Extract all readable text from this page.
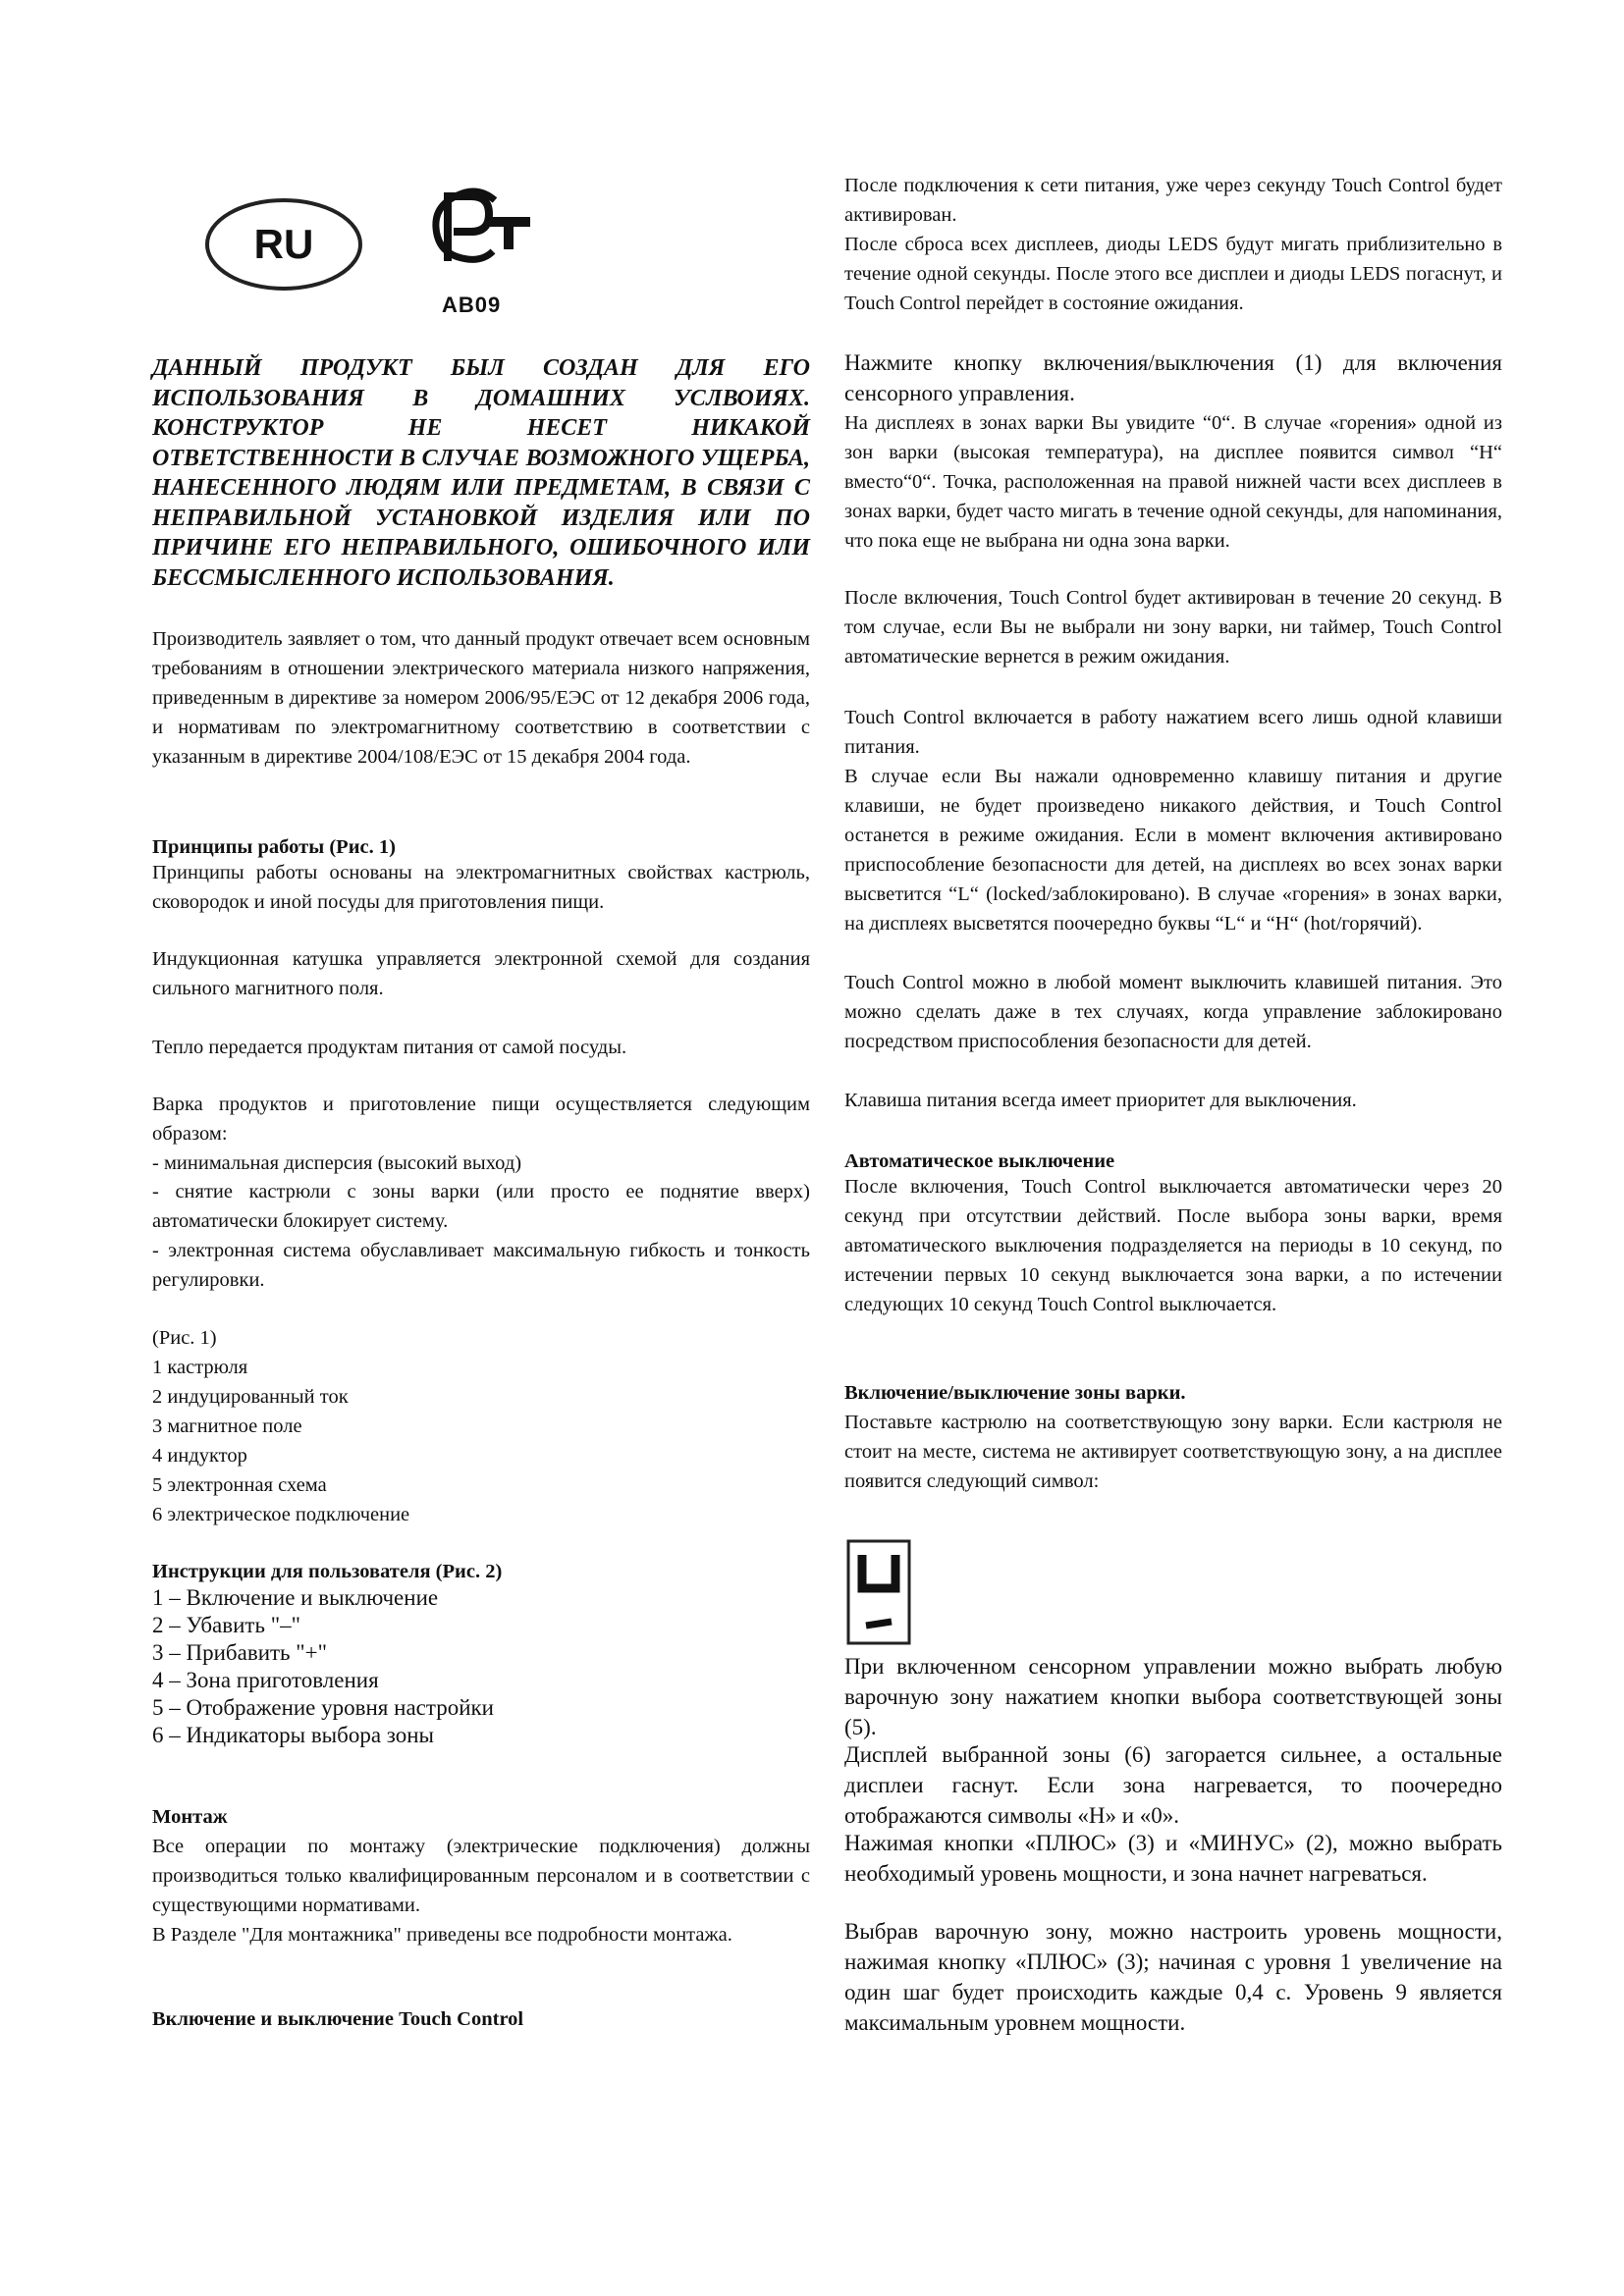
RU
AB09

ДАННЫЙ ПРОДУКТ БЫЛ СОЗДАН ДЛЯ ЕГО ИСПОЛЬЗОВАНИЯ В ДОМАШНИХ УСЛВОИЯХ. КОНСТРУКТОР НЕ НЕСЕТ НИКАКОЙ ОТВЕТСТВЕННОСТИ В СЛУЧАЕ ВОЗМОЖНОГО УЩЕРБА, НАНЕСЕННОГО ЛЮДЯМ ИЛИ ПРЕДМЕТАМ, В СВЯЗИ С НЕПРАВИЛЬНОЙ УСТАНОВКОЙ ИЗДЕЛИЯ ИЛИ ПО ПРИЧИНЕ ЕГО НЕПРАВИЛЬНОГО, ОШИБОЧНОГО ИЛИ БЕССМЫСЛЕННОГО ИСПОЛЬЗОВАНИЯ.

Производитель заявляет о том, что данный продукт отвечает всем основным требованиям в отношении электрического материала низкого напряжения, приведенным в директиве за номером 2006/95/ЕЭС от 12 декабря 2006 года, и нормативам по электромагнитному соответствию в соответствии с указанным в директиве 2004/108/ЕЭС от 15 декабря 2004 года.

Принципы работы (Рис. 1)

Принципы работы основаны на электромагнитных свойствах кастрюль, сковородок и иной посуды для приготовления пищи.

Индукционная катушка управляется электронной схемой для создания сильного магнитного поля.

Тепло передается продуктам питания от самой посуды.

Варка продуктов и приготовление пищи осуществляется следующим образом:

- минимальная дисперсия (высокий выход)

- снятие кастрюли с зоны варки (или просто ее поднятие вверх) автоматически блокирует систему.

- электронная система обуславливает максимальную гибкость и тонкость регулировки.

(Рис. 1)
1 кастрюля
2 индуцированный ток
3 магнитное поле
4 индуктор
5 электронная схема
6 электрическое подключение
Инструкции для пользователя (Рис. 2)
1 – Включение и выключение
2 – Убавить "–"
3 – Прибавить "+"
4 – Зона приготовления
5 – Отображение уровня настройки
6 – Индикаторы выбора зоны
Монтаж

Все операции по монтажу (электрические подключения) должны производиться только квалифицированным персоналом и в соответствии с существующими нормативами.

В Разделе "Для монтажника" приведены все подробности монтажа.

Включение и выключение Touch Control

После подключения к сети питания, уже через секунду Touch Control будет активирован.

После сброса всех дисплеев, диоды LEDS будут мигать приблизительно в течение одной секунды. После этого все дисплеи и диоды LEDS погаснут, и Touch Control перейдет в состояние ожидания.

Нажмите кнопку включения/выключения (1) для включения сенсорного управления.

На дисплеях в зонах варки Вы увидите “0“. В случае «горения» одной из зон варки (высокая температура), на дисплее появится символ “H“ вместо“0“. Точка, расположенная на правой нижней части всех дисплеев в зонах варки, будет часто мигать в течение одной секунды, для напоминания, что пока еще не выбрана ни одна зона варки.

После включения, Touch Control будет активирован в течение 20 секунд. В том случае, если Вы не выбрали ни зону варки, ни таймер, Touch Control автоматические вернется в режим ожидания.

Touch Control включается в работу нажатием всего лишь одной клавиши питания.

В случае если Вы нажали одновременно клавишу питания и другие клавиши, не будет произведено никакого действия, и Touch Control останется в режиме ожидания. Если в момент включения активировано приспособление безопасности для детей, на дисплеях во всех зонах варки высветится “L“ (locked/заблокировано). В случае «горения» в зонах варки, на дисплеях высветятся поочередно буквы “L“ и “H“ (hot/горячий).

Touch Control можно в любой момент выключить клавишей питания. Это можно сделать даже в тех случаях, когда управление заблокировано посредством приспособления безопасности для детей.

Клавиша питания всегда имеет приоритет для выключения.

Автоматическое выключение

После включения, Touch Control выключается автоматически через 20 секунд при отсутствии действий. После выбора зоны варки, время автоматического выключения подразделяется на периоды в 10 секунд, по истечении первых 10 секунд выключается зона варки, а по истечении следующих 10 секунд Touch Control выключается.

Включение/выключение зоны варки.

Поставьте кастрюлю на соответствующую зону варки. Если кастрюля не стоит на месте, система не активирует соответствующую зону, а на дисплее появится следующий символ:

При включенном сенсорном управлении можно выбрать любую варочную зону нажатием кнопки выбора соответствующей зоны (5).

Дисплей выбранной зоны (6) загорается сильнее, а остальные дисплеи гаснут. Если зона нагревается, то поочередно отображаются символы «H» и «0».

Нажимая кнопки «ПЛЮС» (3) и «МИНУС» (2), можно выбрать необходимый уровень мощности, и зона начнет нагреваться.

Выбрав варочную зону, можно настроить уровень мощности, нажимая кнопку «ПЛЮС» (3); начиная с уровня 1 увеличение на один шаг будет происходить каждые 0,4 с. Уровень 9 является максимальным уровнем мощности.
